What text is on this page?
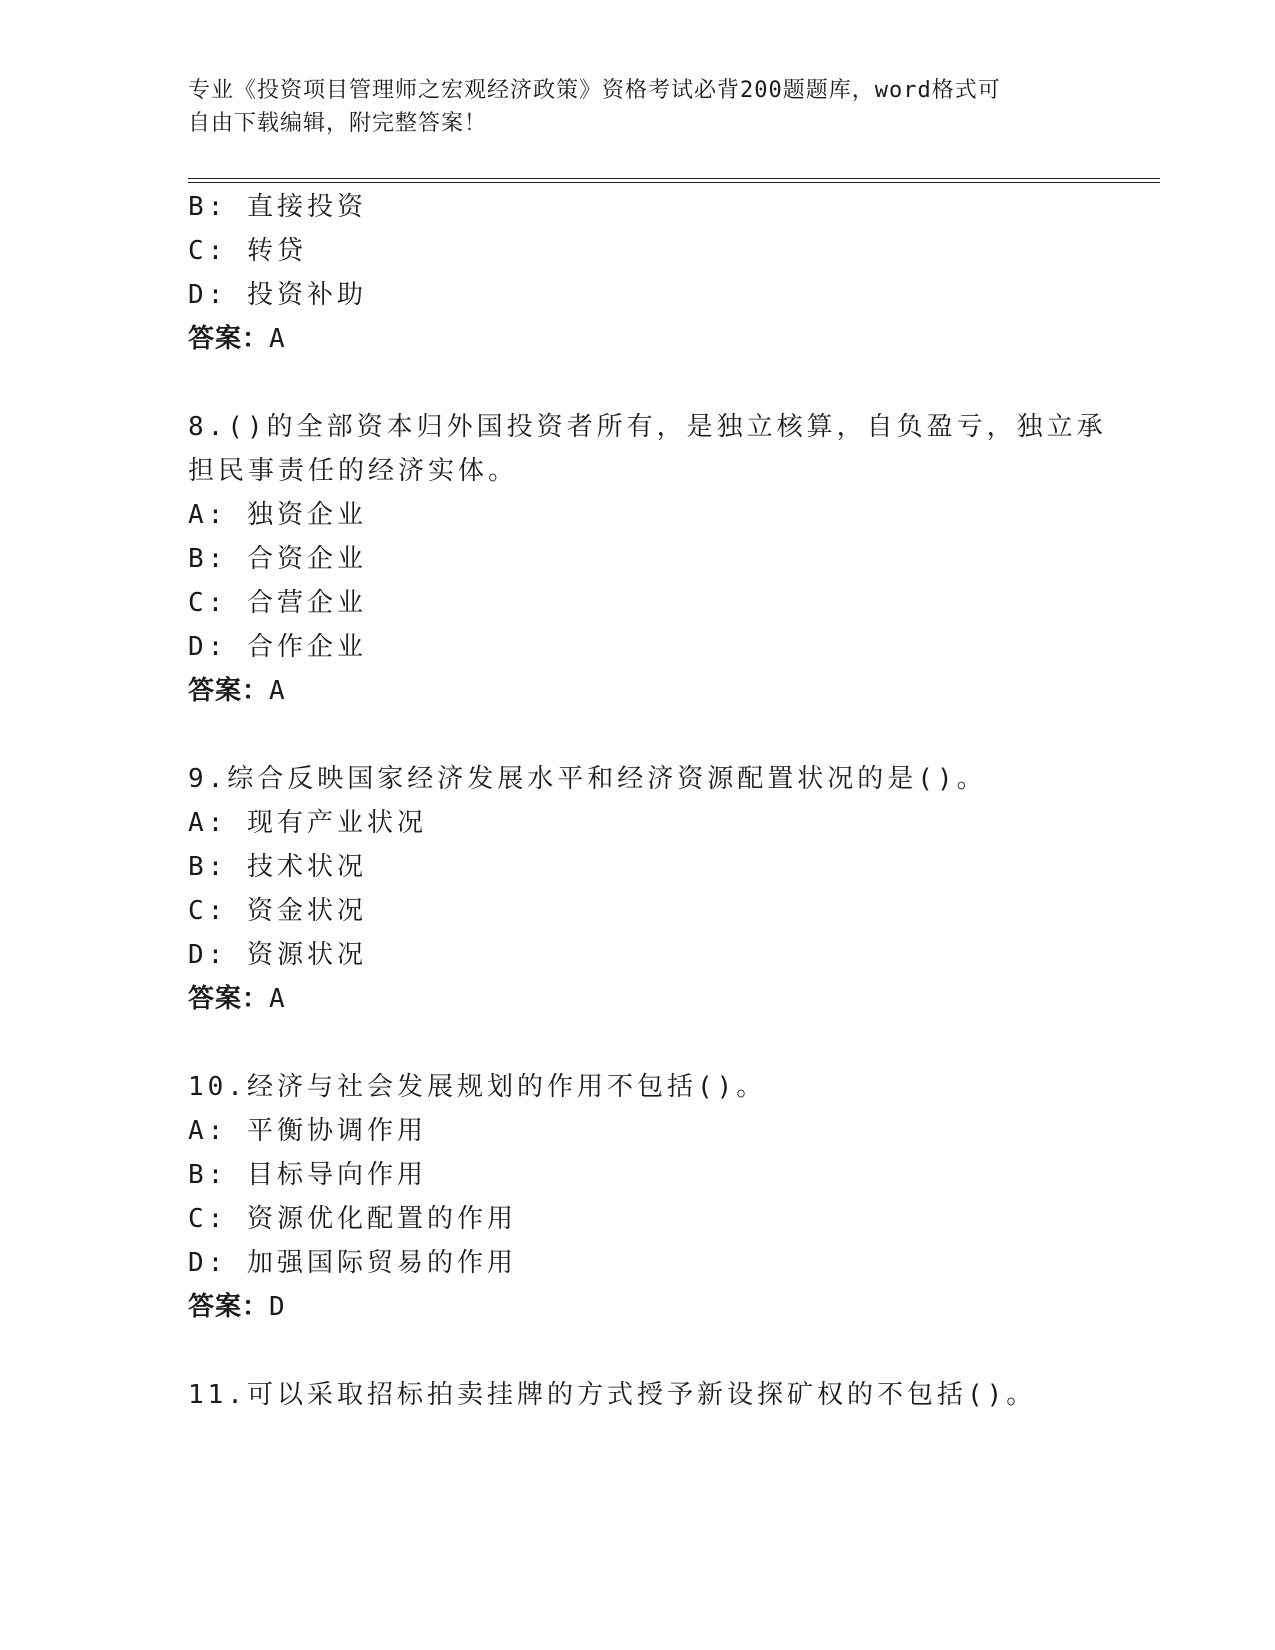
专业《投资项目管理师之宏观经济政策》资格考试必背200题题库，word格式可
自由下载编辑，附完整答案！
B: 直接投资
C: 转贷
D: 投资补助
答案：A
8.()的全部资本归外国投资者所有，是独立核算，自负盈亏，独立承
担民事责任的经济实体。
A: 独资企业
B: 合资企业
C: 合营企业
D: 合作企业
答案：A
9.综合反映国家经济发展水平和经济资源配置状况的是()。
A: 现有产业状况
B: 技术状况
C: 资金状况
D: 资源状况
答案：A
10.经济与社会发展规划的作用不包括()。
A: 平衡协调作用
B: 目标导向作用
C: 资源优化配置的作用
D: 加强国际贸易的作用
答案：D
11.可以采取招标拍卖挂牌的方式授予新设探矿权的不包括()。
